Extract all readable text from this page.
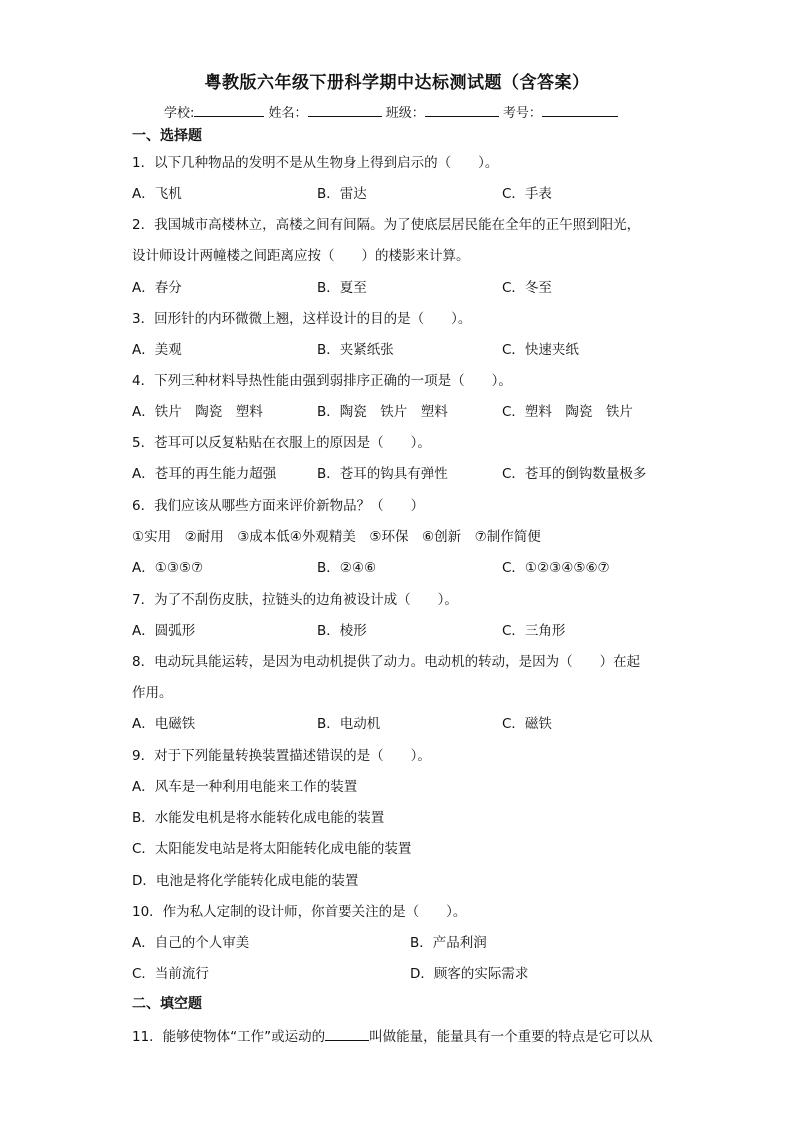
粤教版六年级下册科学期中达标测试题（含答案）
学校:	姓名：	班级：	考号：
一、选择题
1．以下几种物品的发明不是从生物身上得到启示的（　　）。
A．飞机	B．雷达	C．手表
2．我国城市高楼林立，高楼之间有间隔。为了使底层居民能在全年的正午照到阳光，
设计师设计两幢楼之间距离应按（　　）的楼影来计算。
A．春分	B．夏至	C．冬至
3．回形针的内环微微上翘，这样设计的目的是（　　）。
A．美观	B．夹紧纸张	C．快速夹纸
4．下列三种材料导热性能由强到弱排序正确的一项是（　　）。
A．铁片　陶瓷　塑料	B．陶瓷　铁片　塑料	C．塑料　陶瓷　铁片
5．苍耳可以反复粘贴在衣服上的原因是（　　）。
A．苍耳的再生能力超强	B．苍耳的钩具有弹性	C．苍耳的倒钩数量极多
6．我们应该从哪些方面来评价新物品？（　　）
①实用　②耐用　③成本低④外观精美　⑤环保　⑥创新　⑦制作简便
A．①③⑤⑦	B．②④⑥	C．①②③④⑤⑥⑦
7．为了不刮伤皮肤，拉链头的边角被设计成（　　）。
A．圆弧形	B．棱形	C．三角形
8．电动玩具能运转，是因为电动机提供了动力。电动机的转动，是因为（　　）在起
作用。
A．电磁铁	B．电动机	C．磁铁
9．对于下列能量转换装置描述错误的是（　　）。
A．风车是一种利用电能来工作的装置
B．水能发电机是将水能转化成电能的装置
C．太阳能发电站是将太阳能转化成电能的装置
D．电池是将化学能转化成电能的装置
10．作为私人定制的设计师，你首要关注的是（　　）。
A．自己的个人审美	B．产品利润
C．当前流行	D．顾客的实际需求
二、填空题
11．能够使物体“工作”或运动的	叫做能量，能量具有一个重要的特点是它可以从
